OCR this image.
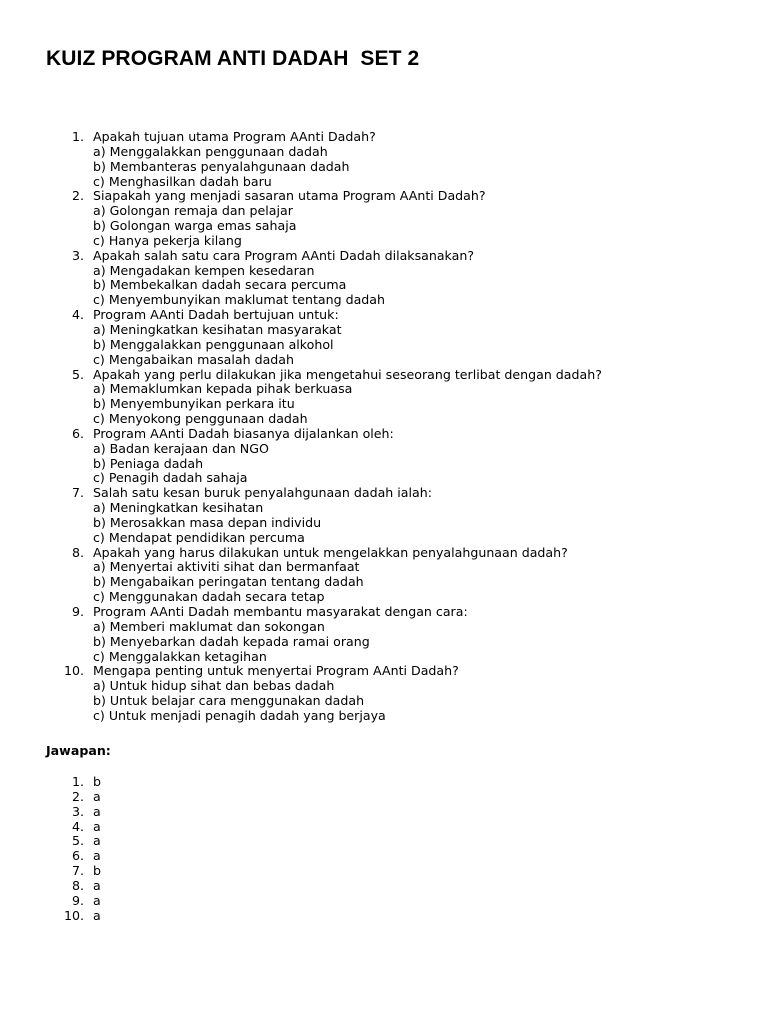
KUIZ PROGRAM ANTI DADAH  SET 2
1. Apakah tujuan utama Program AAnti Dadah?
a) Menggalakkan penggunaan dadah
b) Membanteras penyalahgunaan dadah
c) Menghasilkan dadah baru
2. Siapakah yang menjadi sasaran utama Program AAnti Dadah?
a) Golongan remaja dan pelajar
b) Golongan warga emas sahaja
c) Hanya pekerja kilang
3. Apakah salah satu cara Program AAnti Dadah dilaksanakan?
a) Mengadakan kempen kesedaran
b) Membekalkan dadah secara percuma
c) Menyembunyikan maklumat tentang dadah
4. Program AAnti Dadah bertujuan untuk:
a) Meningkatkan kesihatan masyarakat
b) Menggalakkan penggunaan alkohol
c) Mengabaikan masalah dadah
5. Apakah yang perlu dilakukan jika mengetahui seseorang terlibat dengan dadah?
a) Memaklumkan kepada pihak berkuasa
b) Menyembunyikan perkara itu
c) Menyokong penggunaan dadah
6. Program AAnti Dadah biasanya dijalankan oleh:
a) Badan kerajaan dan NGO
b) Peniaga dadah
c) Penagih dadah sahaja
7. Salah satu kesan buruk penyalahgunaan dadah ialah:
a) Meningkatkan kesihatan
b) Merosakkan masa depan individu
c) Mendapat pendidikan percuma
8. Apakah yang harus dilakukan untuk mengelakkan penyalahgunaan dadah?
a) Menyertai aktiviti sihat dan bermanfaat
b) Mengabaikan peringatan tentang dadah
c) Menggunakan dadah secara tetap
9. Program AAnti Dadah membantu masyarakat dengan cara:
a) Memberi maklumat dan sokongan
b) Menyebarkan dadah kepada ramai orang
c) Menggalakkan ketagihan
10. Mengapa penting untuk menyertai Program AAnti Dadah?
a) Untuk hidup sihat dan bebas dadah
b) Untuk belajar cara menggunakan dadah
c) Untuk menjadi penagih dadah yang berjaya
Jawapan:
1. b
2. a
3. a
4. a
5. a
6. a
7. b
8. a
9. a
10. a
